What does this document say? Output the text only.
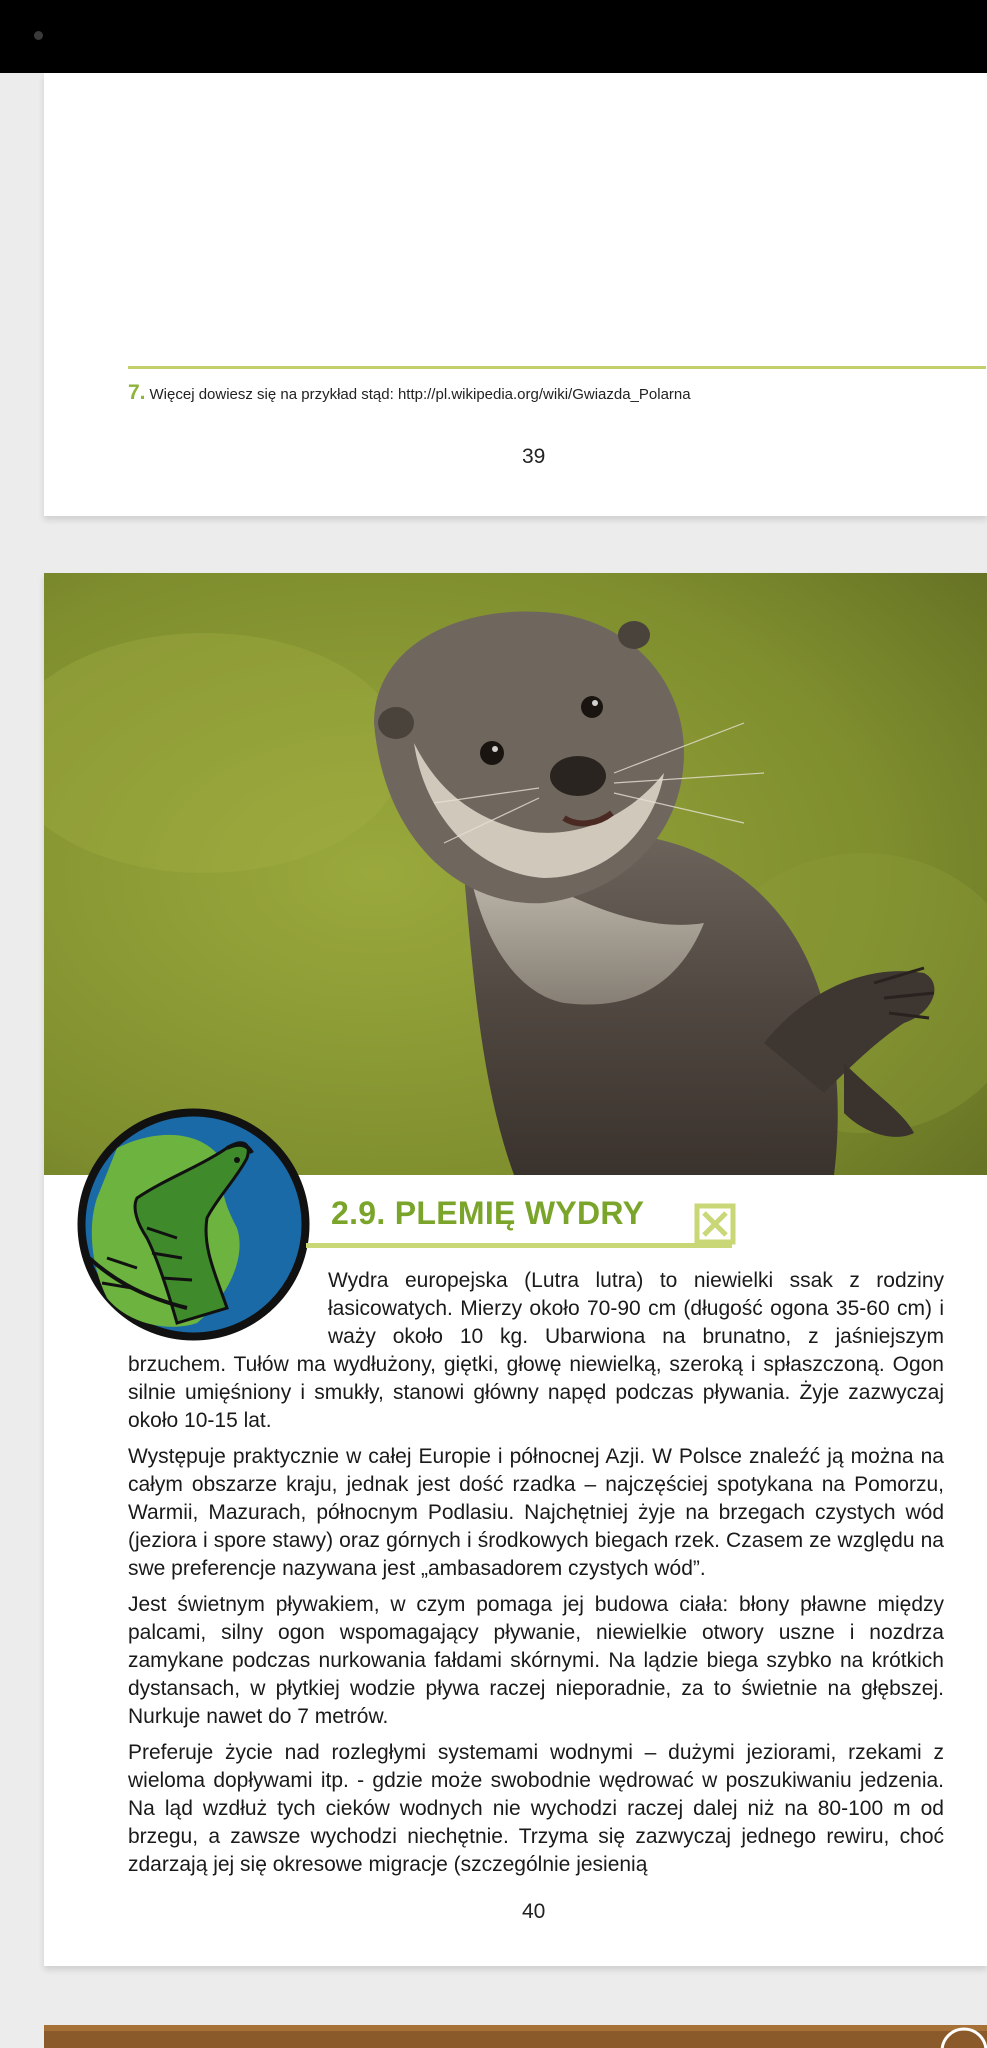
7. Więcej dowiesz się na przykład stąd: http://pl.wikipedia.org/wiki/Gwiazda_Polarna
39
2.9. PLEMIĘ WYDRY

Wydra europejska (Lutra lutra) to niewielki ssak z rodziny łasicowatych. Mierzy około 70-90 cm (długość ogona 35-60 cm) i waży około 10 kg. Ubarwiona na brunatno, z jaśniejszym brzuchem. Tułów ma wydłużony, giętki, głowę niewielką, szeroką i spłaszczoną. Ogon silnie umięśniony i smukły, stanowi główny napęd podczas pływania. Żyje zazwyczaj około 10-15 lat.

Występuje praktycznie w całej Europie i północnej Azji. W Polsce znaleźć ją można na całym obszarze kraju, jednak jest dość rzadka – najczęściej spotykana na Pomorzu, Warmii, Mazurach, północnym Podlasiu. Najchętniej żyje na brzegach czystych wód (jeziora i spore stawy) oraz górnych i środkowych biegach rzek. Czasem ze względu na swe preferencje nazywana jest „ambasadorem czystych wód”.

Jest świetnym pływakiem, w czym pomaga jej budowa ciała: błony pławne między palcami, silny ogon wspomagający pływanie, niewielkie otwory uszne i nozdrza zamykane podczas nurkowania fałdami skórnymi. Na lądzie biega szybko na krótkich dystansach, w płytkiej wodzie pływa raczej nieporadnie, za to świetnie na głębszej. Nurkuje nawet do 7 metrów.

Preferuje życie nad rozległymi systemami wodnymi – dużymi jeziorami, rzekami z wieloma dopływami itp. - gdzie może swobodnie wędrować w poszukiwaniu jedzenia. Na ląd wzdłuż tych cieków wodnych nie wychodzi raczej dalej niż na 80-100 m od brzegu, a zawsze wychodzi niechętnie. Trzyma się zazwyczaj jednego rewiru, choć zdarzają jej się okresowe migracje (szczególnie jesienią

40
